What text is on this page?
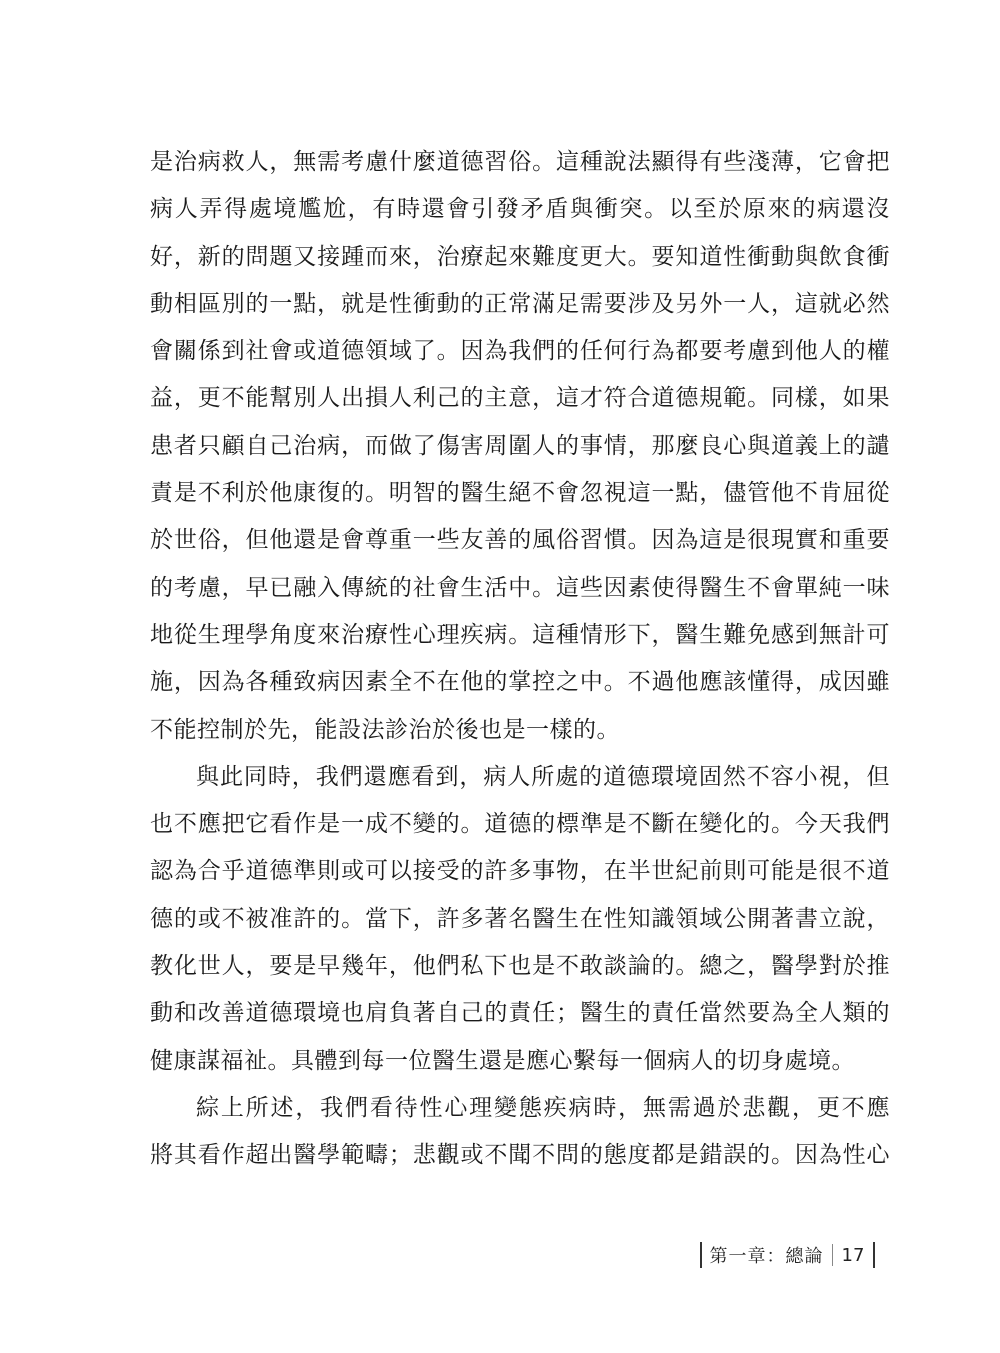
是治病救人，無需考慮什麼道德習俗。這種說法顯得有些淺薄，它會把
病人弄得處境尷尬，有時還會引發矛盾與衝突。以至於原來的病還沒
好，新的問題又接踵而來，治療起來難度更大。要知道性衝動與飲食衝
動相區別的一點，就是性衝動的正常滿足需要涉及另外一人，這就必然
會關係到社會或道德領域了。因為我們的任何行為都要考慮到他人的權
益，更不能幫別人出損人利己的主意，這才符合道德規範。同樣，如果
患者只顧自己治病，而做了傷害周圍人的事情，那麼良心與道義上的譴
責是不利於他康復的。明智的醫生絕不會忽視這一點，儘管他不肯屈從
於世俗，但他還是會尊重一些友善的風俗習慣。因為這是很現實和重要
的考慮，早已融入傳統的社會生活中。這些因素使得醫生不會單純一味
地從生理學角度來治療性心理疾病。這種情形下，醫生難免感到無計可
施，因為各種致病因素全不在他的掌控之中。不過他應該懂得，成因雖
不能控制於先，能設法診治於後也是一樣的。
與此同時，我們還應看到，病人所處的道德環境固然不容小視，但
也不應把它看作是一成不變的。道德的標準是不斷在變化的。今天我們
認為合乎道德準則或可以接受的許多事物，在半世紀前則可能是很不道
德的或不被准許的。當下，許多著名醫生在性知識領域公開著書立說，
教化世人，要是早幾年，他們私下也是不敢談論的。總之，醫學對於推
動和改善道德環境也肩負著自己的責任；醫生的責任當然要為全人類的
健康謀福祉。具體到每一位醫生還是應心繫每一個病人的切身處境。
綜上所述，我們看待性心理變態疾病時，無需過於悲觀，更不應
將其看作超出醫學範疇；悲觀或不聞不問的態度都是錯誤的。因為性心
第一章：總論 17
